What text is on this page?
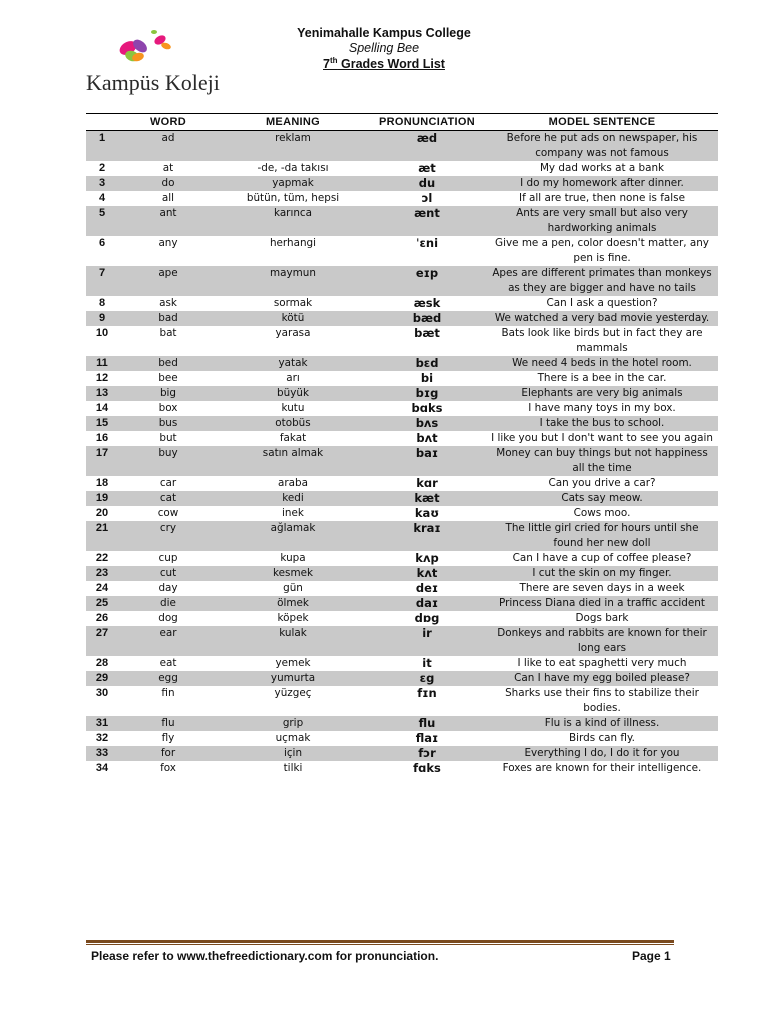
Kampüs Koleji
Yenimahalle Kampus College
Spelling Bee
7th Grades Word List
WORD	MEANING	PRONUNCIATION	MODEL SENTENCE
1	ad	reklam	æd	Before he put ads on newspaper, his company was not famous
2	at	-de, -da takısı	æt	My dad works at a bank
3	do	yapmak	du	I do my homework after dinner.
4	all	bütün, tüm, hepsi	ɔl	If all are true, then none is false
5	ant	karınca	ænt	Ants are very small but also very hardworking animals
6	any	herhangi	ˈɛni	Give me a pen, color doesn't matter, any pen is fine.
7	ape	maymun	eɪp	Apes are different primates than monkeys as they are bigger and have no tails
8	ask	sormak	æsk	Can I ask a question?
9	bad	kötü	bæd	We watched a very bad movie yesterday.
10	bat	yarasa	bæt	Bats look like birds but in fact they are mammals
11	bed	yatak	bɛd	We need 4 beds in the hotel room.
12	bee	arı	bi	There is a bee in the car.
13	big	büyük	bɪg	Elephants are very big animals
14	box	kutu	bɑks	I have many toys in my box.
15	bus	otobüs	bʌs	I take the bus to school.
16	but	fakat	bʌt	I like you but I don't want to see you again
17	buy	satın almak	baɪ	Money can buy things but not happiness all the time
18	car	araba	kɑr	Can you drive a car?
19	cat	kedi	kæt	Cats say meow.
20	cow	inek	kaʊ	Cows moo.
21	cry	ağlamak	kraɪ	The little girl cried for hours until she found her new doll
22	cup	kupa	kʌp	Can I have a cup of coffee please?
23	cut	kesmek	kʌt	I cut the skin on my finger.
24	day	gün	deɪ	There are seven days in a week
25	die	ölmek	daɪ	Princess Diana died in a traffic accident
26	dog	köpek	dɒg	Dogs bark
27	ear	kulak	ir	Donkeys and rabbits are known for their long ears
28	eat	yemek	it	I like to eat spaghetti very much
29	egg	yumurta	ɛg	Can I have my egg boiled please?
30	fin	yüzgeç	fɪn	Sharks use their fins to stabilize their bodies.
31	flu	grip	flu	Flu is a kind of illness.
32	fly	uçmak	flaɪ	Birds can fly.
33	for	için	fɔr	Everything I do, I do it for you
34	fox	tilki	fɑks	Foxes are known for their intelligence.
Please refer to www.thefreedictionary.com for pronunciation.	Page 1
